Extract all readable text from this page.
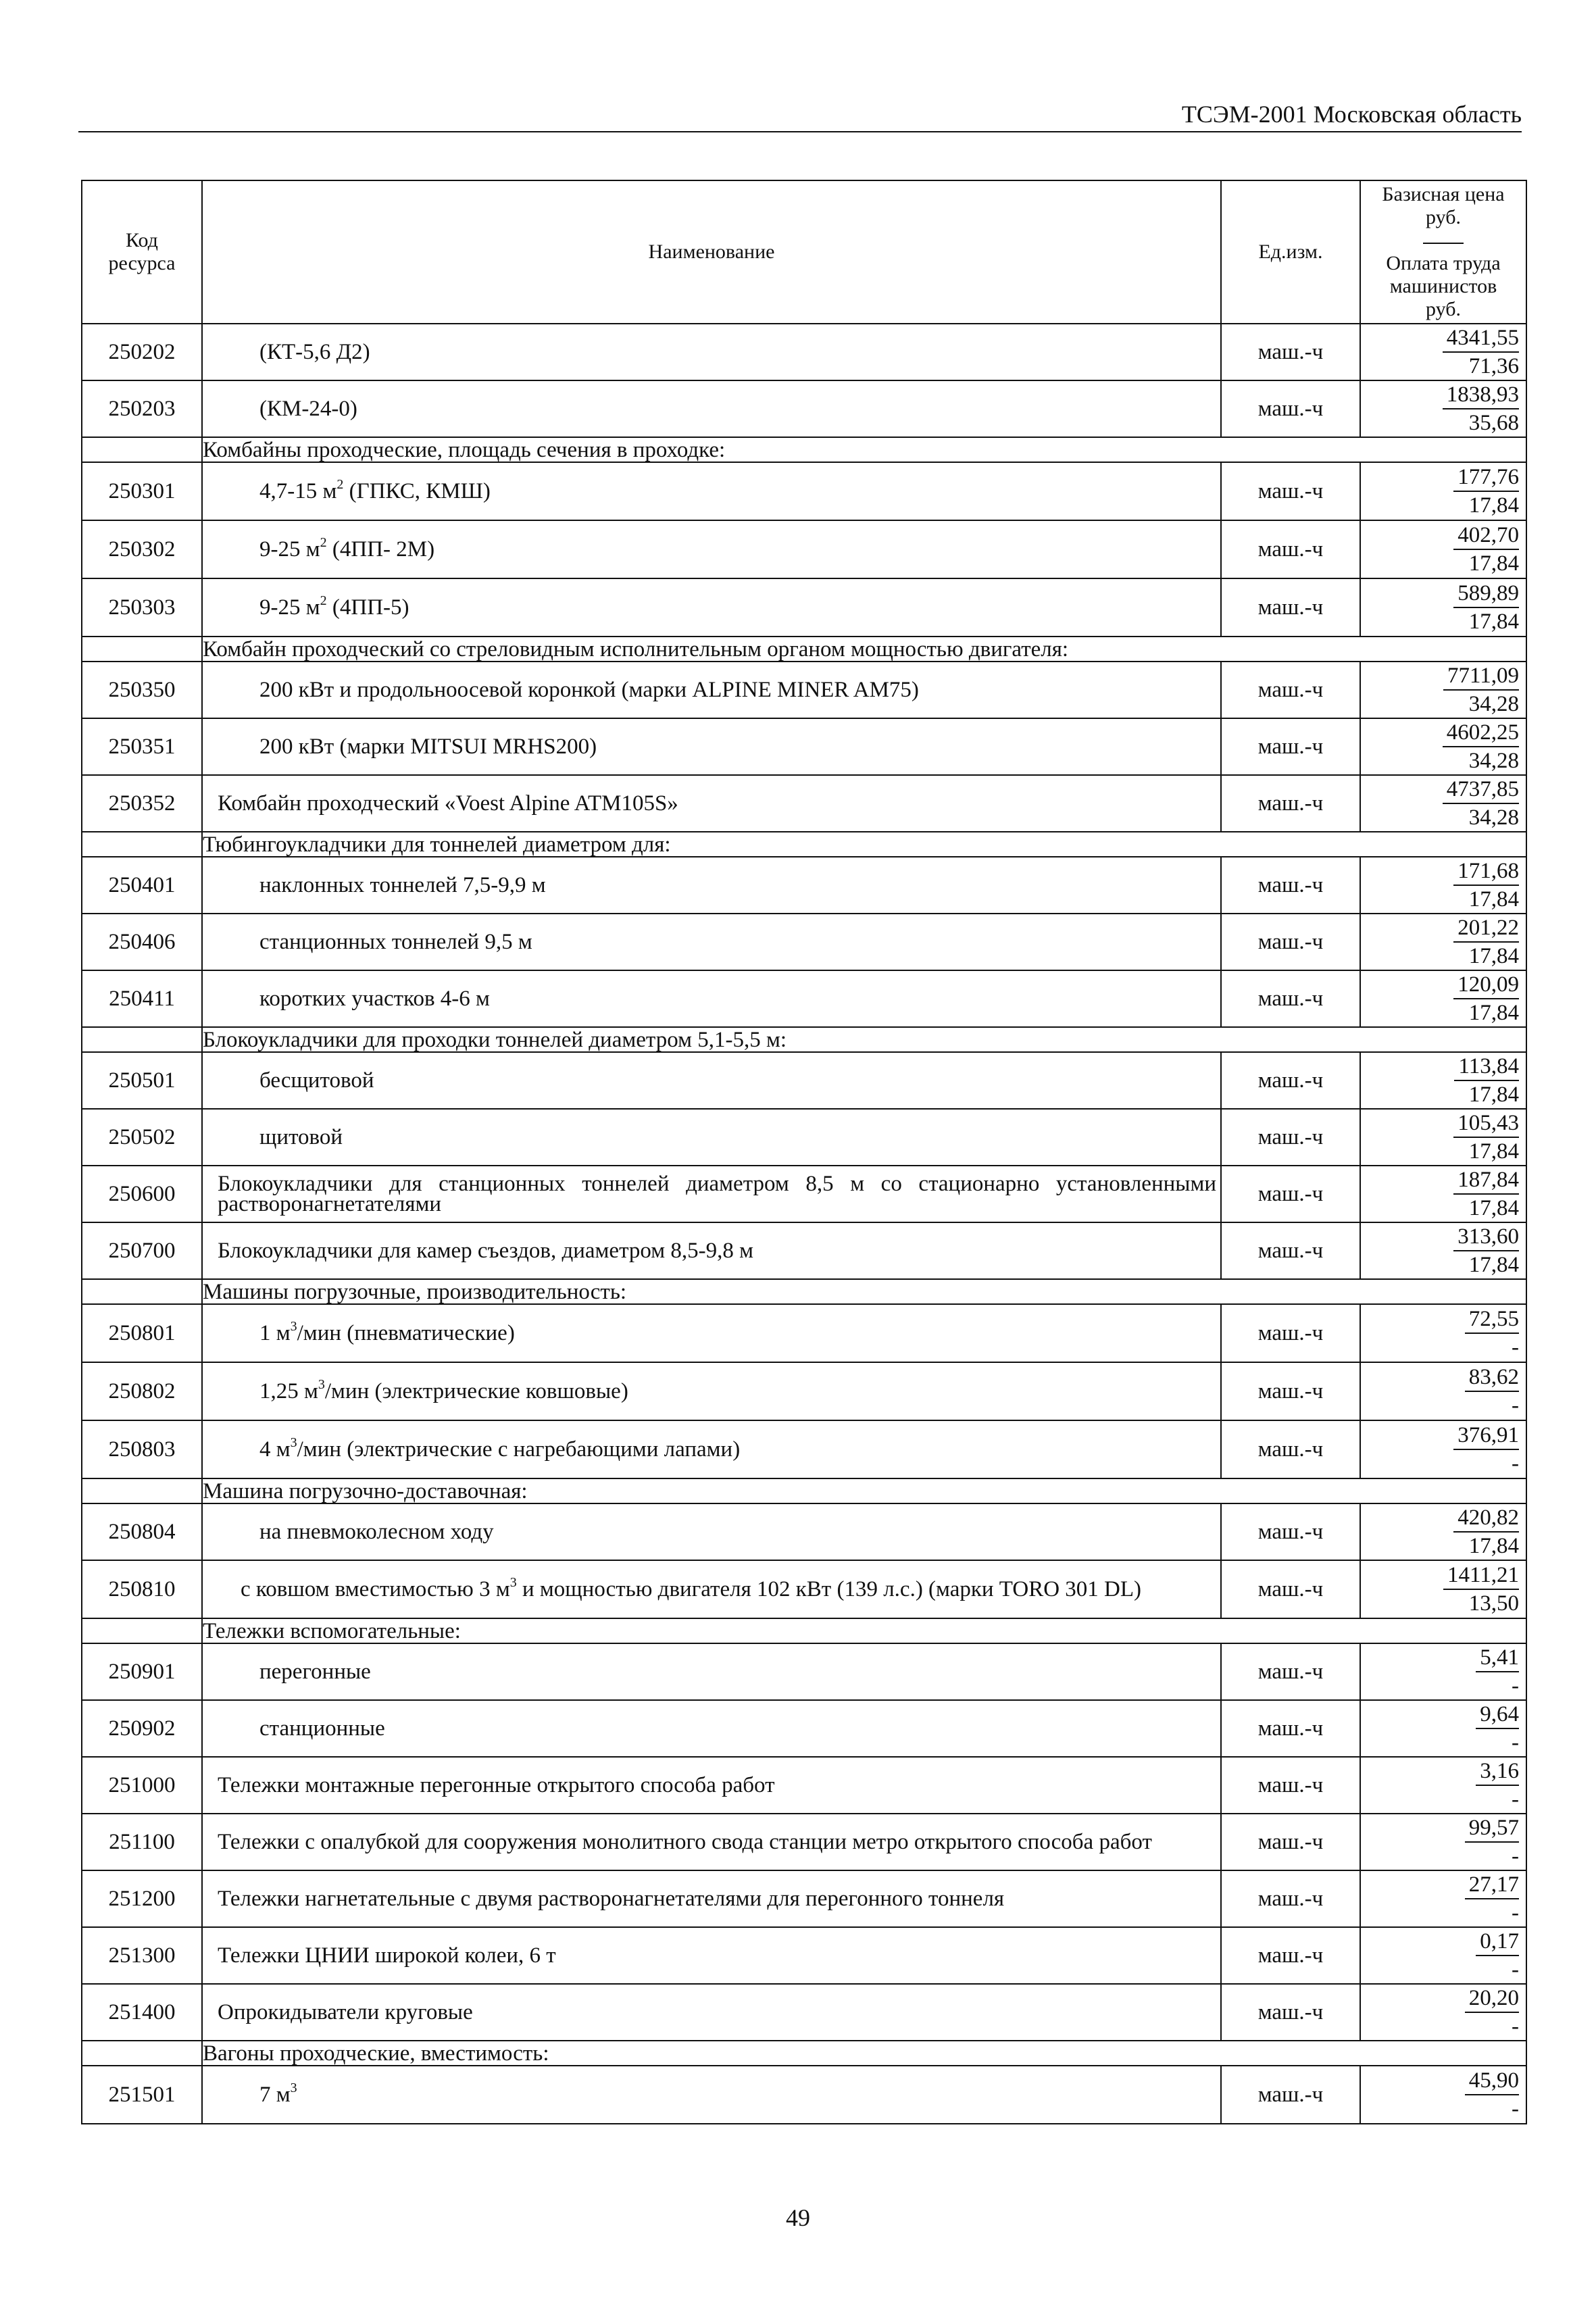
ТСЭМ-2001 Московская область
Код
ресурса	Наименование	Ед.изм.	Базисная цена
руб.

Оплата труда
машинистов
руб.
250202	(КТ-5,6 Д2)	маш.-ч	$\frac{4341,55}{71,36}$

250203	(КМ-24-0)	маш.-ч	$\frac{1838,93}{35,68}$

	Комбайны проходческие, площадь сечения в проходке:		
250301	4,7-15 $м^2$ (ГПКС, КМШ)	маш.-ч	$\frac{177,76}{17,84}$

250302	9-25 $м^2$ (4ПП- 2М)	маш.-ч	$\frac{402,70}{17,84}$

250303	9-25 $м^2$ (4ПП-5)	маш.-ч	$\frac{589,89}{17,84}$

	Комбайн проходческий со стреловидным исполнительным органом мощностью двигателя:		
250350	200 кВт и продольноосевой коронкой (марки ALPINE MINER AM75)	маш.-ч	$\frac{7711,09}{34,28}$

250351	200 кВт (марки MITSUI MRHS200)	маш.-ч	$\frac{4602,25}{34,28}$

250352	Комбайн проходческий «Voest Alpine ATM105S»	маш.-ч	$\frac{4737,85}{34,28}$

	Тюбингоукладчики для тоннелей диаметром для:		
250401	наклонных тоннелей 7,5-9,9 м	маш.-ч	$\frac{171,68}{17,84}$

250406	станционных тоннелей 9,5 м	маш.-ч	$\frac{201,22}{17,84}$

250411	коротких участков 4-6 м	маш.-ч	$\frac{120,09}{17,84}$

	Блокоукладчики для проходки тоннелей диаметром 5,1-5,5 м:		
250501	бесщитовой	маш.-ч	$\frac{113,84}{17,84}$

250502	щитовой	маш.-ч	$\frac{105,43}{17,84}$

250600	Блокоукладчики для станционных тоннелей диаметром 8,5 м со стационарно установленными растворонагнетателями	маш.-ч	$\frac{187,84}{17,84}$

250700	Блокоукладчики для камер съездов, диаметром 8,5-9,8 м	маш.-ч	$\frac{313,60}{17,84}$

	Машины погрузочные, производительность:		
250801	1 $м^3$/мин (пневматические)	маш.-ч	$\frac{72,55}{-}$

250802	1,25 $м^3$/мин (электрические ковшовые)	маш.-ч	$\frac{83,62}{-}$

250803	4 $м^3$/мин (электрические с нагребающими лапами)	маш.-ч	$\frac{376,91}{-}$

	Машина погрузочно-доставочная:		
250804	на пневмоколесном ходу	маш.-ч	$\frac{420,82}{17,84}$

250810	с ковшом вместимостью 3 $м^3$ и мощностью двигателя 102 кВт (139 л.с.) (марки TORO 301 DL)	маш.-ч	$\frac{1411,21}{13,50}$

	Тележки вспомогательные:		
250901	перегонные	маш.-ч	$\frac{5,41}{-}$

250902	станционные	маш.-ч	$\frac{9,64}{-}$

251000	Тележки монтажные перегонные открытого способа работ	маш.-ч	$\frac{3,16}{-}$

251100	Тележки с опалубкой для сооружения монолитного свода станции метро открытого способа работ	маш.-ч	$\frac{99,57}{-}$

251200	Тележки нагнетательные с двумя растворонагнетателями для перегонного тоннеля	маш.-ч	$\frac{27,17}{-}$

251300	Тележки ЦНИИ широкой колеи, 6 т	маш.-ч	$\frac{0,17}{-}$

251400	Опрокидыватели круговые	маш.-ч	$\frac{20,20}{-}$

	Вагоны проходческие, вместимость:		
251501	7 $м^3$	маш.-ч	$\frac{45,90}{-}$
49
